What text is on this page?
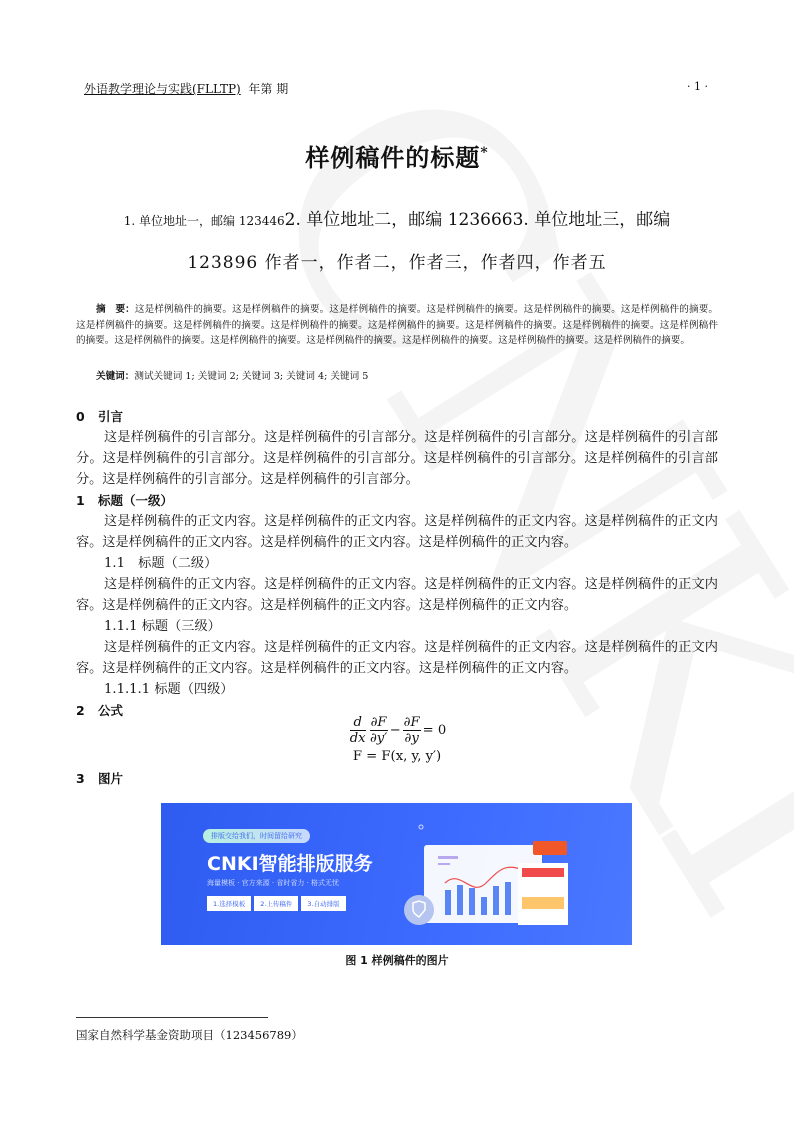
外语教学理论与实践(FLLTP) 年第 期	· 1 ·
样例稿件的标题*
1. 单位地址一，邮编 1234462. 单位地址二，邮编 1236663. 单位地址三，邮编
123896 作者一，作者二，作者三，作者四，作者五
摘　要：这是样例稿件的摘要。这是样例稿件的摘要。这是样例稿件的摘要。这是样例稿件的摘要。这是样例稿件的摘要。这是样例稿件的摘要。这是样例稿件的摘要。这是样例稿件的摘要。这是样例稿件的摘要。这是样例稿件的摘要。这是样例稿件的摘要。这是样例稿件的摘要。这是样例稿件的摘要。这是样例稿件的摘要。这是样例稿件的摘要。这是样例稿件的摘要。这是样例稿件的摘要。这是样例稿件的摘要。这是样例稿件的摘要。
关键词：测试关键词 1; 关键词 2; 关键词 3; 关键词 4; 关键词 5
0 引言
这是样例稿件的引言部分。这是样例稿件的引言部分。这是样例稿件的引言部分。这是样例稿件的引言部分。这是样例稿件的引言部分。这是样例稿件的引言部分。这是样例稿件的引言部分。这是样例稿件的引言部分。这是样例稿件的引言部分。这是样例稿件的引言部分。
1 标题（一级）
这是样例稿件的正文内容。这是样例稿件的正文内容。这是样例稿件的正文内容。这是样例稿件的正文内容。这是样例稿件的正文内容。这是样例稿件的正文内容。这是样例稿件的正文内容。
1.1　标题（二级）
这是样例稿件的正文内容。这是样例稿件的正文内容。这是样例稿件的正文内容。这是样例稿件的正文内容。这是样例稿件的正文内容。这是样例稿件的正文内容。这是样例稿件的正文内容。
1.1.1 标题（三级）
这是样例稿件的正文内容。这是样例稿件的正文内容。这是样例稿件的正文内容。这是样例稿件的正文内容。这是样例稿件的正文内容。这是样例稿件的正文内容。这是样例稿件的正文内容。
1.1.1.1 标题（四级）
2 公式
$\frac{d}{dx} \frac{\partial F}{\partial y'} - \frac{\partial F}{\partial y} = 0$
F = F(x, y, y′)
3 图片
排版交给我们，时间留给研究
CNKI智能排版服务
海量模板 · 官方来源 · 省时省力 · 格式无忧
1.选择模板	2.上传稿件	3.自动排版
图 1 样例稿件的图片
国家自然科学基金资助项目（123456789）
